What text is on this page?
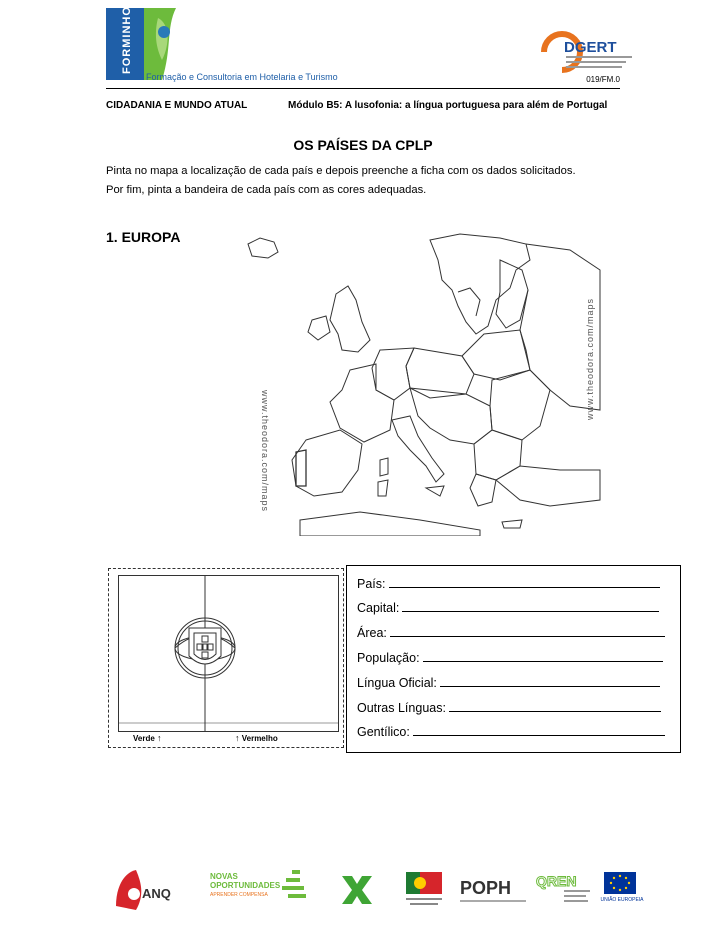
FORMINHO
Formação e Consultoria em Hotelaria e Turismo
DGERT
019/FM.0
CIDADANIA E MUNDO ATUAL	Módulo B5: A lusofonia: a língua portuguesa para além de Portugal
OS PAÍSES DA CPLP
Pinta no mapa a localização de cada país e depois preenche a ficha com os dados solicitados.
Por fim, pinta a bandeira de cada país com as cores adequadas.
1. EUROPA
www.theodora.com/maps
www.theodora.com/maps
Verde ↑	↑ Vermelho
País:
Capital:
Área:
População:
Língua Oficial:
Outras Línguas:
Gentílico:
ANQ
NOVAS OPORTUNIDADES
APRENDER COMPENSA	POPH QREN
UNIÃO EUROPEIA
